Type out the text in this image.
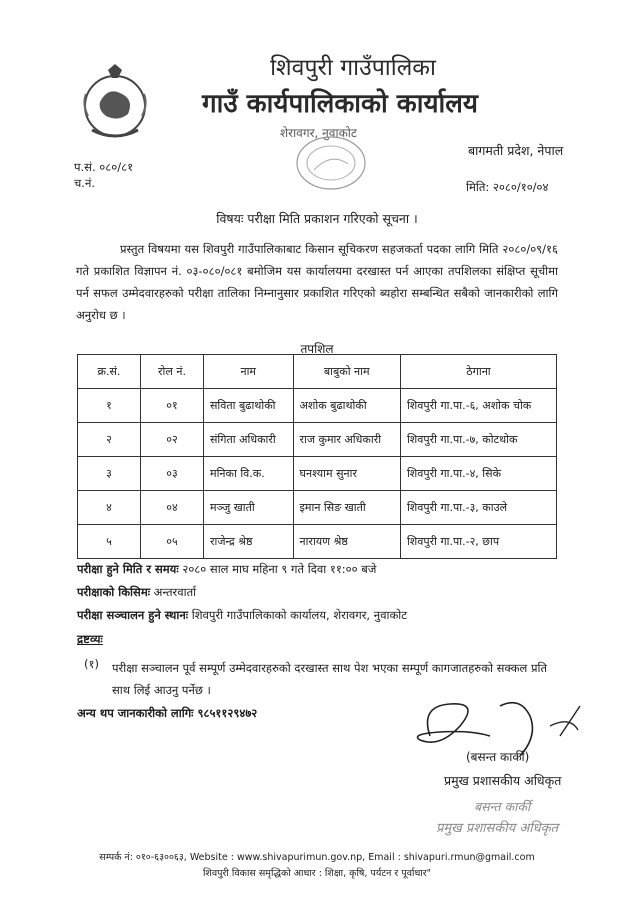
शिवपुरी गाउँपालिका
गाउँ कार्यपालिकाको कार्यालय
शेरावगर, नुवाकोट
बागमती प्रदेश, नेपाल
प.सं. ०८०/८१
च.नं.	मिति: २०८०/१०/०४
विषयः परीक्षा मिति प्रकाशन गरिएको सूचना ।
प्रस्तुत विषयमा यस शिवपुरी गाउँपालिकाबाट किसान सूचिकरण सहजकर्ता पदका लागि मिति २०८०/०९/१६ गते प्रकाशित विज्ञापन नं. ०३-०८०/०८१ बमोजिम यस कार्यालयमा दरखास्त पर्न आएका तपशिलका संक्षिप्त सूचीमा पर्न सफल उम्मेदवारहरुको परीक्षा तालिका निम्नानुसार प्रकाशित गरिएको ब्यहोरा सम्बन्धित सबैको जानकारीको लागि अनुरोध छ ।
तपशिल
क्र.सं.	रोल नं.	नाम	बाबुको नाम	ठेगाना
१	०१	सविता बुढाथोकी	अशोक बुढाथोकी	शिवपुरी गा.पा.-६, अशोक चोक
२	०२	संगिता अधिकारी	राज कुमार अधिकारी	शिवपुरी गा.पा.-७, कोटथोक
३	०३	मनिका वि.क.	घनश्याम सुनार	शिवपुरी गा.पा.-४, सिके
४	०४	मञ्जु खाती	इमान सिङ खाती	शिवपुरी गा.पा.-३, काउले
५	०५	राजेन्द्र श्रेष्ठ	नारायण श्रेष्ठ	शिवपुरी गा.पा.-२, छाप
परीक्षा हुने मिति र समयः २०८० साल माघ महिना ९ गते दिवा ११:०० बजे
परीक्षाको किसिमः अन्तरवार्ता
परीक्षा सञ्चालन हुने स्थानः शिवपुरी गाउँपालिकाको कार्यालय, शेरावगर, नुवाकोट
द्रष्टव्यः
(१) परीक्षा सञ्चालन पूर्व सम्पूर्ण उम्मेदवारहरुको दरखास्त साथ पेश भएका सम्पूर्ण कागजातहरुको सक्कल प्रति साथ लिई आउनु पर्नेछ ।
अन्य थप जानकारीको लागिः ९८५११२९४७२
(बसन्त कार्की)
प्रमुख प्रशासकीय अधिकृत
बसन्त कार्की
प्रमुख प्रशासकीय अधिकृत
सम्पर्क नं: ०१०-६३००६३, Website : www.shivapurimun.gov.np, Email : shivapuri.rmun@gmail.com
शिवपुरी विकास समृद्धिको आधार : शिक्षा, कृषि, पर्यटन र पूर्वाधार"
